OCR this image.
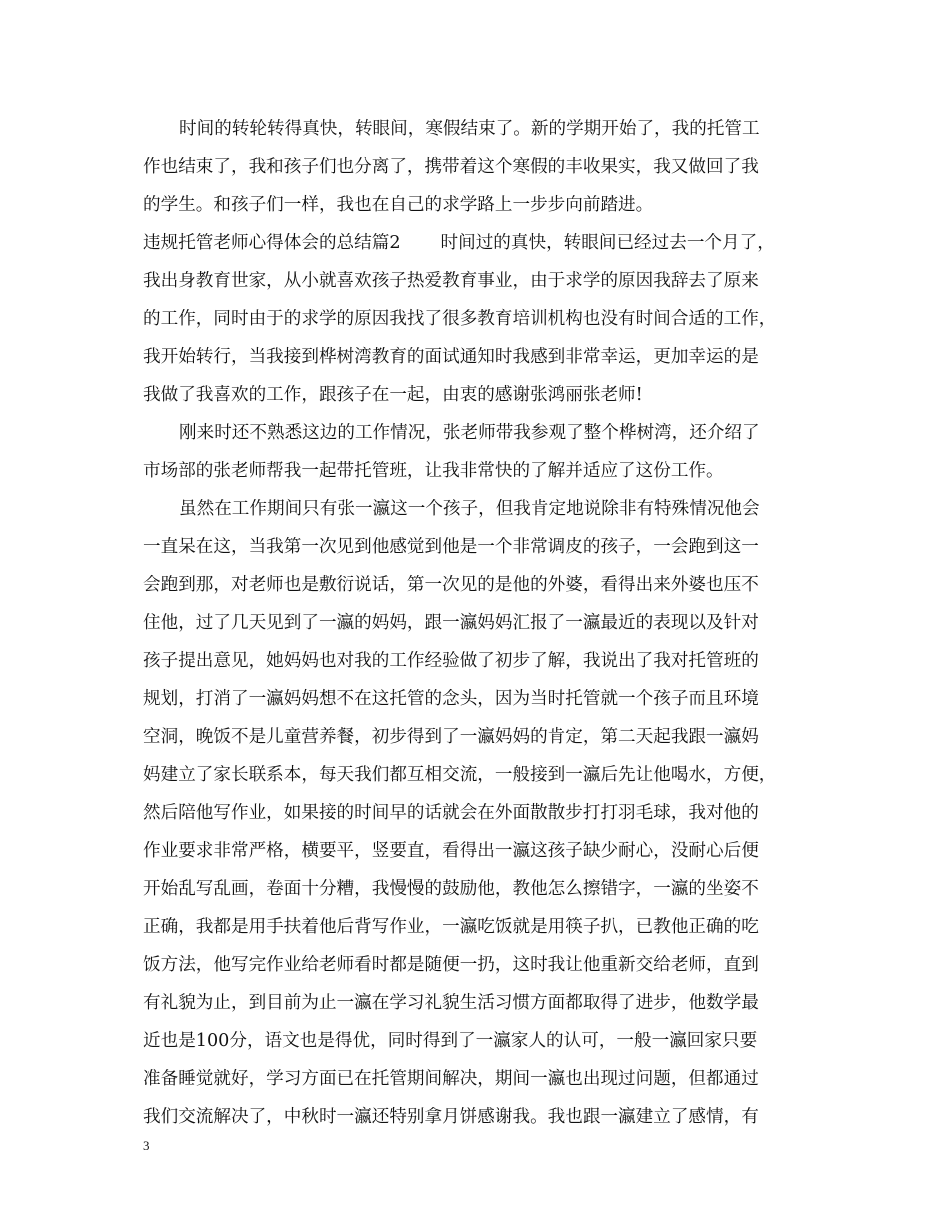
时间的转轮转得真快，转眼间，寒假结束了。新的学期开始了，我的托管工
作也结束了，我和孩子们也分离了，携带着这个寒假的丰收果实，我又做回了我
的学生。和孩子们一样，我也在自己的求学路上一步步向前踏进。
违规托管老师心得体会的总结篇2 时间过的真快，转眼间已经过去一个月了，
我出身教育世家，从小就喜欢孩子热爱教育事业，由于求学的原因我辞去了原来
的工作，同时由于的求学的原因我找了很多教育培训机构也没有时间合适的工作，
我开始转行，当我接到桦树湾教育的面试通知时我感到非常幸运，更加幸运的是
我做了我喜欢的工作，跟孩子在一起，由衷的感谢张鸿丽张老师!
刚来时还不熟悉这边的工作情况，张老师带我参观了整个桦树湾，还介绍了
市场部的张老师帮我一起带托管班，让我非常快的了解并适应了这份工作。
虽然在工作期间只有张一瀛这一个孩子，但我肯定地说除非有特殊情况他会
一直呆在这，当我第一次见到他感觉到他是一个非常调皮的孩子，一会跑到这一
会跑到那，对老师也是敷衍说话，第一次见的是他的外婆，看得出来外婆也压不
住他，过了几天见到了一瀛的妈妈，跟一瀛妈妈汇报了一瀛最近的表现以及针对
孩子提出意见，她妈妈也对我的工作经验做了初步了解，我说出了我对托管班的
规划，打消了一瀛妈妈想不在这托管的念头，因为当时托管就一个孩子而且环境
空洞，晚饭不是儿童营养餐，初步得到了一瀛妈妈的肯定，第二天起我跟一瀛妈
妈建立了家长联系本，每天我们都互相交流，一般接到一瀛后先让他喝水，方便，
然后陪他写作业，如果接的时间早的话就会在外面散散步打打羽毛球，我对他的
作业要求非常严格，横要平，竖要直，看得出一瀛这孩子缺少耐心，没耐心后便
开始乱写乱画，卷面十分糟，我慢慢的鼓励他，教他怎么擦错字，一瀛的坐姿不
正确，我都是用手扶着他后背写作业，一瀛吃饭就是用筷子扒，已教他正确的吃
饭方法，他写完作业给老师看时都是随便一扔，这时我让他重新交给老师，直到
有礼貌为止，到目前为止一瀛在学习礼貌生活习惯方面都取得了进步，他数学最
近也是100分，语文也是得优，同时得到了一瀛家人的认可，一般一瀛回家只要
准备睡觉就好，学习方面已在托管期间解决，期间一瀛也出现过问题，但都通过
我们交流解决了，中秋时一瀛还特别拿月饼感谢我。我也跟一瀛建立了感情，有
3
